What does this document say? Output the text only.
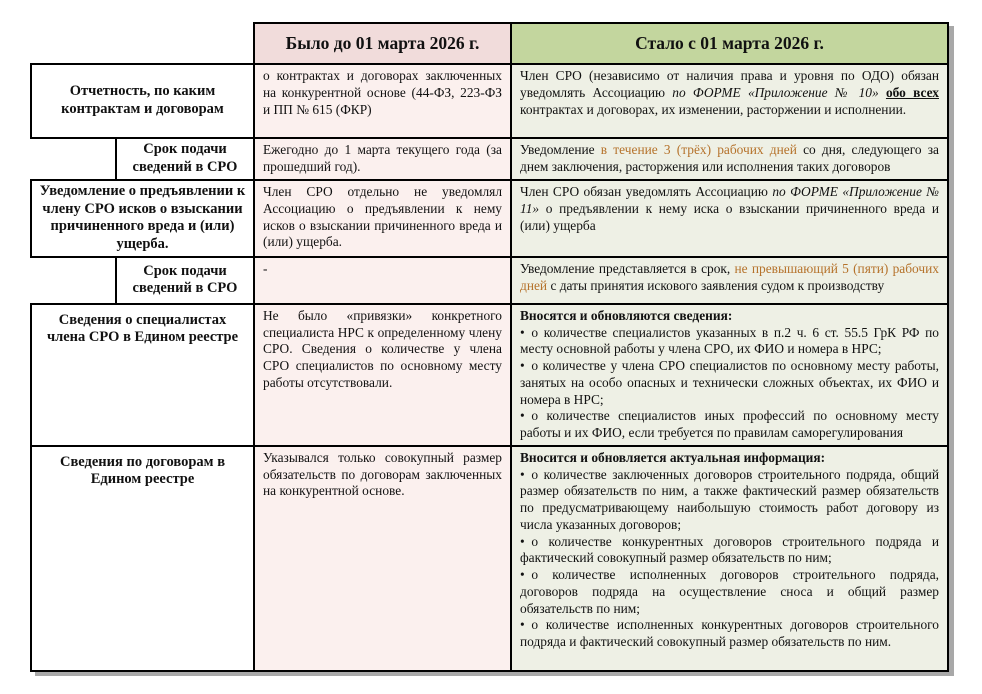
		Было до 01 марта 2026 г.	Стало с 01 марта 2026 г.
Отчетность, по каким контрактам и договорам		о контрактах и договорах заключенных на конкурентной основе (44-ФЗ, 223-ФЗ и ПП № 615 (ФКР)	Член СРО (независимо от наличия права и уровня по ОДО) обязан уведомлять Ассоциацию по ФОРМЕ «Приложение № 10» обо всех контрактах и договорах, их изменении, расторжении и исполнении.
	Срок подачи сведений в СРО	Ежегодно до 1 марта текущего года (за прошедший год).	Уведомление в течение 3 (трёх) рабочих дней со дня, следующего за днем заключения, расторжения или исполнения таких договоров
Уведомление о предъявлении к члену СРО исков о взыскании причиненного вреда и (или) ущерба.		Член СРО отдельно не уведомлял Ассоциацию о предъявлении к нему исков о взыскании причиненного вреда и (или) ущерба.	Член СРО обязан уведомлять Ассоциацию по ФОРМЕ «Приложение № 11» о предъявлении к нему иска о взыскании причиненного вреда и (или) ущерба
	Срок подачи сведений в СРО	-	Уведомление представляется в срок, не превышающий 5 (пяти) рабочих дней с даты принятия искового заявления судом к производству
Сведения о специалистах члена СРО в Едином реестре		Не было «привязки» конкретного специалиста НРС к определенному члену СРО. Сведения о количестве у члена СРО специалистов по основному месту работы отсутствовали.	Вносятся и обновляются сведения:
• о количестве специалистов указанных в п.2 ч. 6 ст. 55.5 ГрК РФ по месту основной работы у члена СРО, их ФИО и номера в НРС;
• о количестве у члена СРО специалистов по основному месту работы, занятых на особо опасных и технически сложных объектах, их ФИО и номера в НРС;
• о количестве специалистов иных профессий по основному месту работы и их ФИО, если требуется по правилам саморегулирования

Сведения по договорам в Едином реестре		Указывался только совокупный размер обязательств по договорам заключенных на конкурентной основе.	Вносится и обновляется актуальная информация:
• о количестве заключенных договоров строительного подряда, общий размер обязательств по ним, а также фактический размер обязательств по предусматривающему наибольшую стоимость работ договору из числа указанных договоров;
• о количестве конкурентных договоров строительного подряда и фактический совокупный размер обязательств по ним;
• о количестве исполненных договоров строительного подряда, договоров подряда на осуществление сноса и общий размер обязательств по ним;
• о количестве исполненных конкурентных договоров строительного подряда и фактический совокупный размер обязательств по ним.
